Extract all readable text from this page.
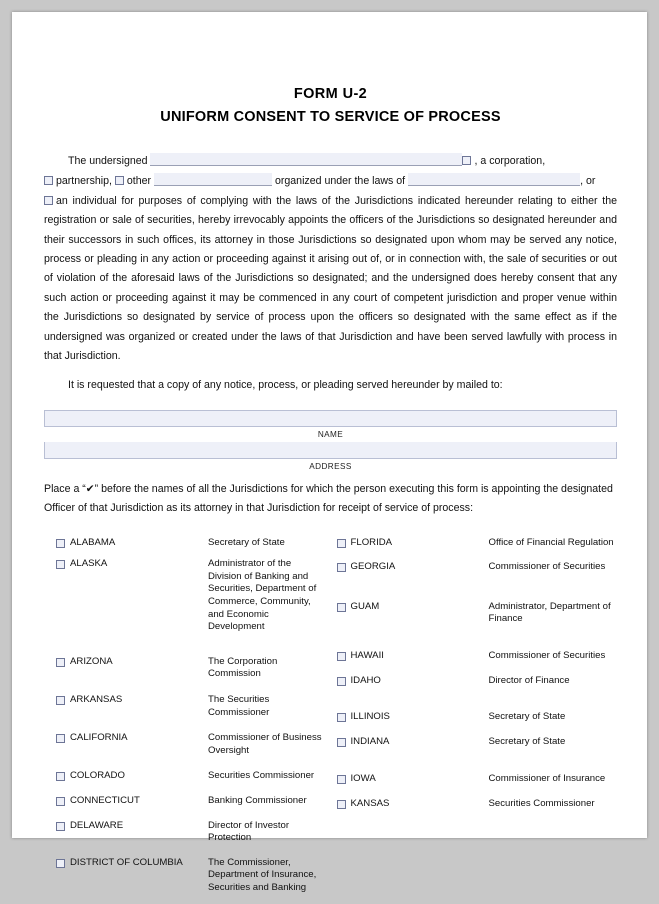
FORM U-2
UNIFORM CONSENT TO SERVICE OF PROCESS

The undersigned	, a corporation,

partnership, other	organized under the laws of	, or

an individual for purposes of complying with the laws of the Jurisdictions indicated hereunder relating to either the registration or sale of securities, hereby irrevocably appoints the officers of the Jurisdictions so designated hereunder and their successors in such offices, its attorney in those Jurisdictions so designated upon whom may be served any notice, process or pleading in any action or proceeding against it arising out of, or in connection with, the sale of securities or out of violation of the aforesaid laws of the Jurisdictions so designated; and the undersigned does hereby consent that any such action or proceeding against it may be commenced in any court of competent jurisdiction and proper venue within the Jurisdictions so designated by service of process upon the officers so designated with the same effect as if the undersigned was organized or created under the laws of that Jurisdiction and have been served lawfully with process in that Jurisdiction.

It is requested that a copy of any notice, process, or pleading served hereunder by mailed to:
NAME
ADDRESS
Place a “✔” before the names of all the Jurisdictions for which the person executing this form is appointing the designated
Officer of that Jurisdiction as its attorney in that Jurisdiction for receipt of service of process:
ALABAMA	Secretary of State
ALASKA	Administrator of the Division of Banking and Securities, Department of Commerce, Community, and Economic Development
ARIZONA	The Corporation Commission
ARKANSAS	The Securities Commissioner
CALIFORNIA	Commissioner of Business Oversight
COLORADO	Securities Commissioner
CONNECTICUT	Banking Commissioner
DELAWARE	Director of Investor Protection
DISTRICT OF COLUMBIA	The Commissioner, Department of Insurance, Securities and Banking
FLORIDA	Office of Financial Regulation
GEORGIA	Commissioner of Securities
GUAM	Administrator, Department of Finance
HAWAII	Commissioner of Securities
IDAHO	Director of Finance
ILLINOIS	Secretary of State
INDIANA	Secretary of State
IOWA	Commissioner of Insurance
KANSAS	Securities Commissioner
